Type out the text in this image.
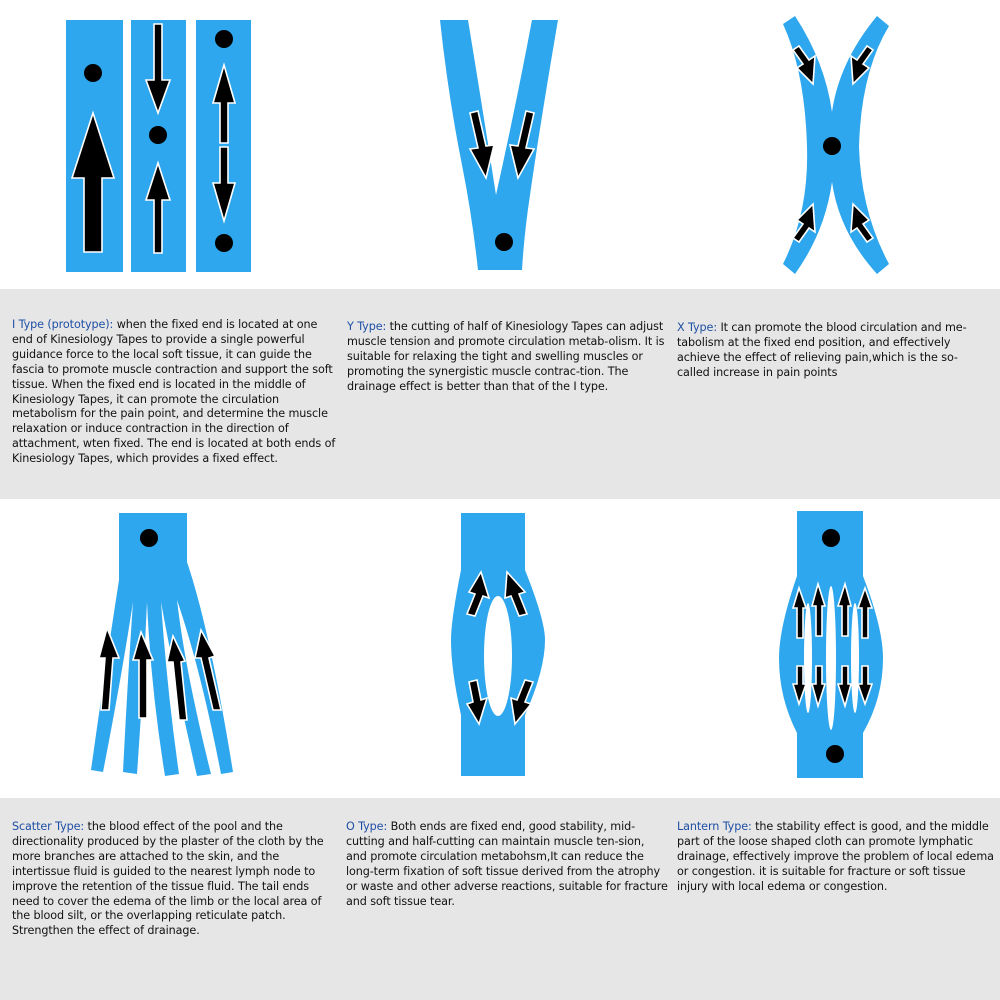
I Type (prototype): when the fixed end is located at one end of Kinesiology Tapes to provide a single powerful guidance force to the local soft tissue, it can guide the fascia to promote muscle contraction and support the soft tissue. When the fixed end is located in the middle of Kinesiology Tapes, it can promote the circulation metabolism for the pain point, and determine the muscle relaxation or induce contraction in the direction of attachment, wten fixed. The end is located at both ends of Kinesiology Tapes, which provides a fixed effect.
Y Type: the cutting of half of Kinesiology Tapes can adjust muscle tension and promote circulation metab-olism. It is suitable for relaxing the tight and swelling muscles or promoting the synergistic muscle contrac-tion. The drainage effect is better than that of the I type.
X Type: It can promote the blood circulation and me-tabolism at the fixed end position, and effectively achieve the effect of relieving pain,which is the so-called increase in pain points
Scatter Type: the blood effect of the pool and the directionality produced by the plaster of the cloth by the more branches are attached to the skin, and the intertissue fluid is guided to the nearest lymph node to improve the retention of the tissue fluid. The tail ends need to cover the edema of the limb or the local area of the blood silt, or the overlapping reticulate patch. Strengthen the effect of drainage.
O Type: Both ends are fixed end, good stability, mid-cutting and half-cutting can maintain muscle ten-sion, and promote circulation metabohsm,It can reduce the long-term fixation of soft tissue derived from the atrophy or waste and other adverse reactions, suitable for fracture and soft tissue tear.
Lantern Type: the stability effect is good, and the middle part of the loose shaped cloth can promote lymphatic drainage, effectively improve the problem of local edema or congestion. it is suitable for fracture or soft tissue injury with local edema or congestion.
